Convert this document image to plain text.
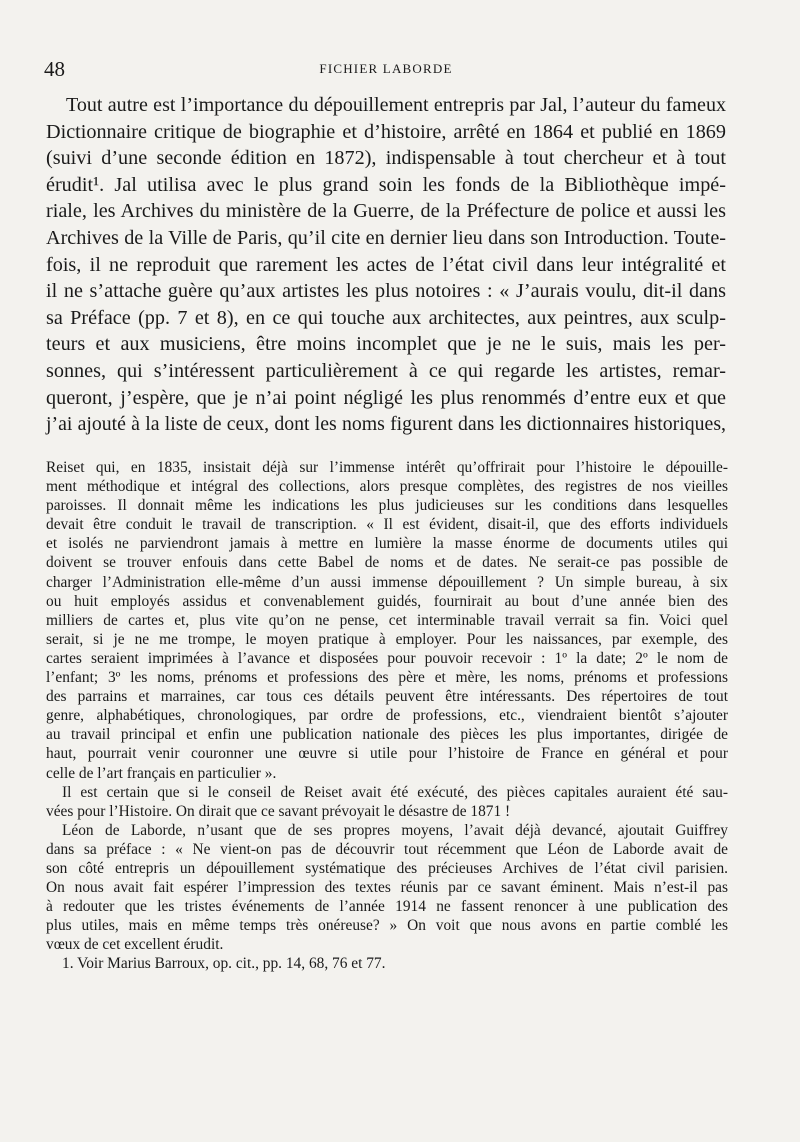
48	FICHIER LABORDE
Tout autre est l’importance du dépouillement entrepris par Jal, l’auteur du fameux
Dictionnaire critique de biographie et d’histoire, arrêté en 1864 et publié en 1869
(suivi d’une seconde édition en 1872), indispensable à tout chercheur et à tout
érudit¹. Jal utilisa avec le plus grand soin les fonds de la Bibliothèque impé-
riale, les Archives du ministère de la Guerre, de la Préfecture de police et aussi les
Archives de la Ville de Paris, qu’il cite en dernier lieu dans son Introduction. Toute-
fois, il ne reproduit que rarement les actes de l’état civil dans leur intégralité et
il ne s’attache guère qu’aux artistes les plus notoires : « J’aurais voulu, dit-il dans
sa Préface (pp. 7 et 8), en ce qui touche aux architectes, aux peintres, aux sculp-
teurs et aux musiciens, être moins incomplet que je ne le suis, mais les per-
sonnes, qui s’intéressent particulièrement à ce qui regarde les artistes, remar-
queront, j’espère, que je n’ai point négligé les plus renommés d’entre eux et que
j’ai ajouté à la liste de ceux, dont les noms figurent dans les dictionnaires historiques,
Reiset qui, en 1835, insistait déjà sur l’immense intérêt qu’offrirait pour l’histoire le dépouille-
ment méthodique et intégral des collections, alors presque complètes, des registres de nos vieilles
paroisses. Il donnait même les indications les plus judicieuses sur les conditions dans lesquelles
devait être conduit le travail de transcription. « Il est évident, disait-il, que des efforts individuels
et isolés ne parviendront jamais à mettre en lumière la masse énorme de documents utiles qui
doivent se trouver enfouis dans cette Babel de noms et de dates. Ne serait-ce pas possible de
charger l’Administration elle-même d’un aussi immense dépouillement ? Un simple bureau, à six
ou huit employés assidus et convenablement guidés, fournirait au bout d’une année bien des
milliers de cartes et, plus vite qu’on ne pense, cet interminable travail verrait sa fin. Voici quel
serait, si je ne me trompe, le moyen pratique à employer. Pour les naissances, par exemple, des
cartes seraient imprimées à l’avance et disposées pour pouvoir recevoir : 1º la date; 2º le nom de
l’enfant; 3º les noms, prénoms et professions des père et mère, les noms, prénoms et professions
des parrains et marraines, car tous ces détails peuvent être intéressants. Des répertoires de tout
genre, alphabétiques, chronologiques, par ordre de professions, etc., viendraient bientôt s’ajouter
au travail principal et enfin une publication nationale des pièces les plus importantes, dirigée de
haut, pourrait venir couronner une œuvre si utile pour l’histoire de France en général et pour
celle de l’art français en particulier ».
Il est certain que si le conseil de Reiset avait été exécuté, des pièces capitales auraient été sau-
vées pour l’Histoire. On dirait que ce savant prévoyait le désastre de 1871 !
Léon de Laborde, n’usant que de ses propres moyens, l’avait déjà devancé, ajoutait Guiffrey
dans sa préface : « Ne vient-on pas de découvrir tout récemment que Léon de Laborde avait de
son côté entrepris un dépouillement systématique des précieuses Archives de l’état civil parisien.
On nous avait fait espérer l’impression des textes réunis par ce savant éminent. Mais n’est-il pas
à redouter que les tristes événements de l’année 1914 ne fassent renoncer à une publication des
plus utiles, mais en même temps très onéreuse? » On voit que nous avons en partie comblé les
vœux de cet excellent érudit.
1. Voir Marius Barroux, op. cit., pp. 14, 68, 76 et 77.
